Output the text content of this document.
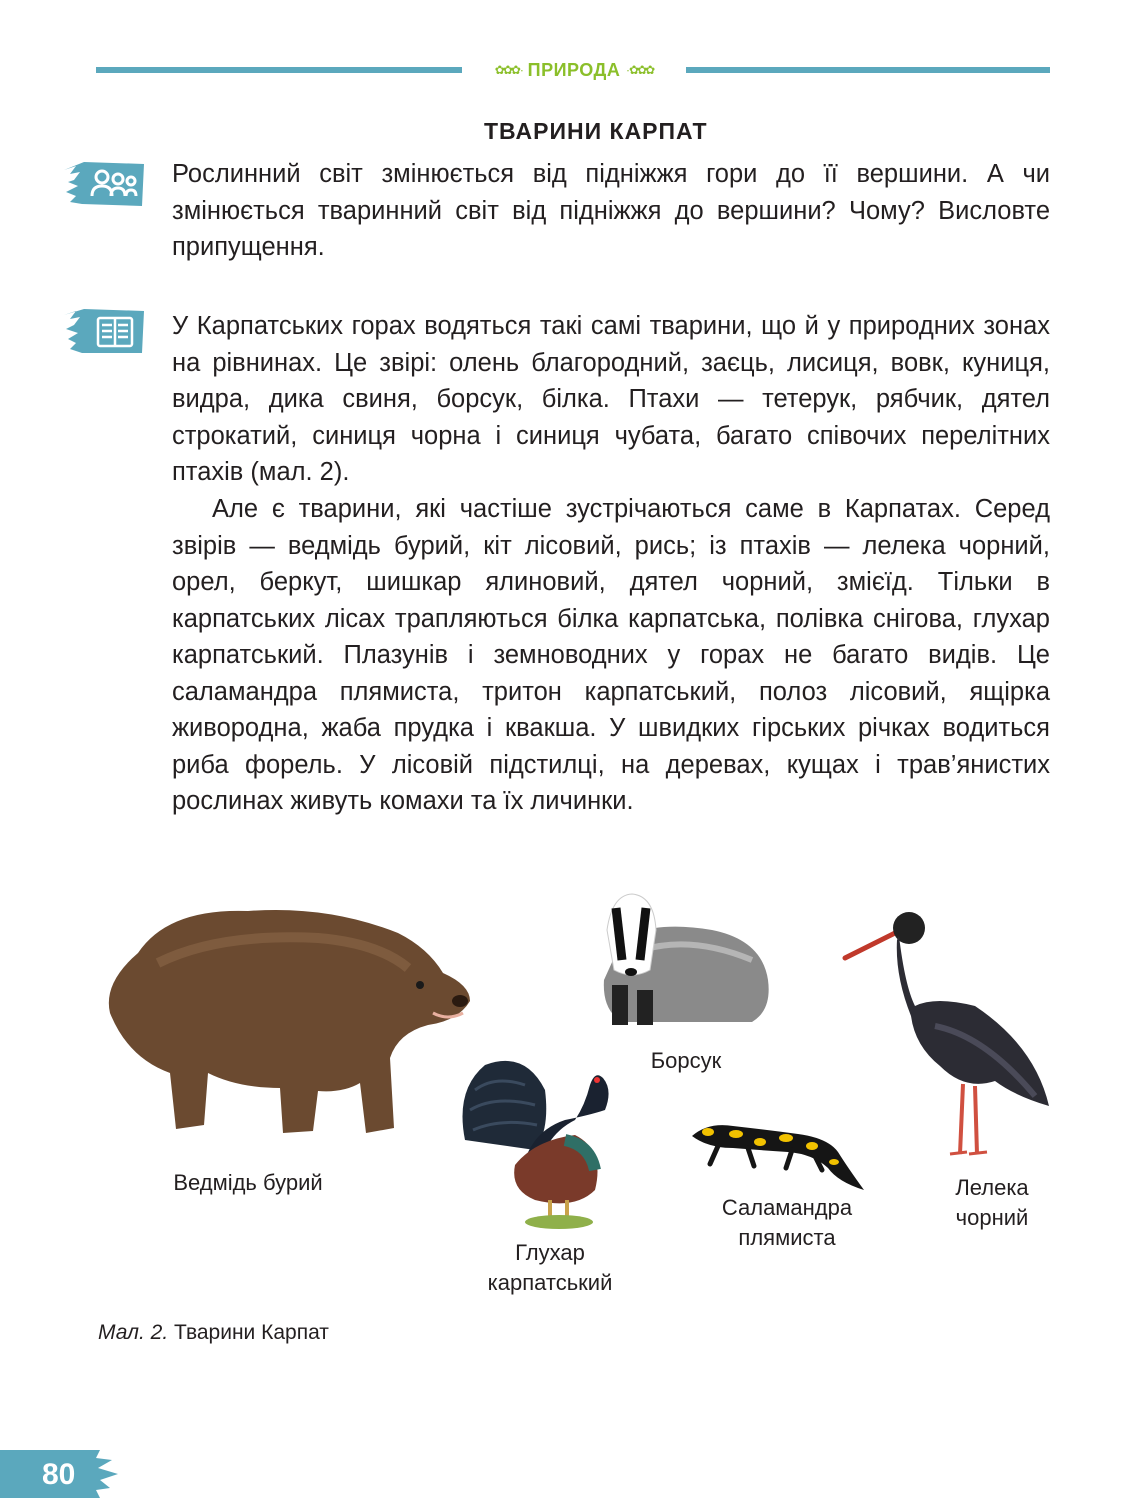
✿✿✿ ∙ ПРИРОДА ∙ ✿✿✿
ТВАРИНИ КАРПАТ
Рослинний світ змінюється від підніжжя гори до її вершини. А чи змінюється тваринний світ від підніжжя до вершини? Чому? Висловте припущення.
У Карпатських горах водяться такі самі тварини, що й у природних зонах на рівнинах. Це звірі: олень благородний, заєць, лисиця, вовк, куниця, видра, дика свиня, борсук, білка. Птахи — тетерук, рябчик, дятел строкатий, синиця чорна і синиця чубата, багато співочих перелітних птахів (мал. 2).
Але є тварини, які частіше зустрічаються саме в Карпатах. Серед звірів — ведмідь бурий, кіт лісовий, рись; із птахів — лелека чорний, орел, беркут, шишкар ялиновий, дятел чорний, змієїд. Тільки в карпатських лісах трапляються білка карпатська, полівка снігова, глухар карпатський. Плазунів і земноводних у горах не багато видів. Це саламандра плямиста, тритон карпатський, полоз лісовий, ящірка живородна, жаба прудка і квакша. У швидких гірських річках водиться риба форель. У лісовій підстилці, на деревах, кущах і трав’янистих рослинах живуть комахи та їх личинки.
Ведмідь бурий
Борсук
Лелека
чорний
Глухар
карпатський
Саламандра
плямиста
Мал. 2. Тварини Карпат
80
